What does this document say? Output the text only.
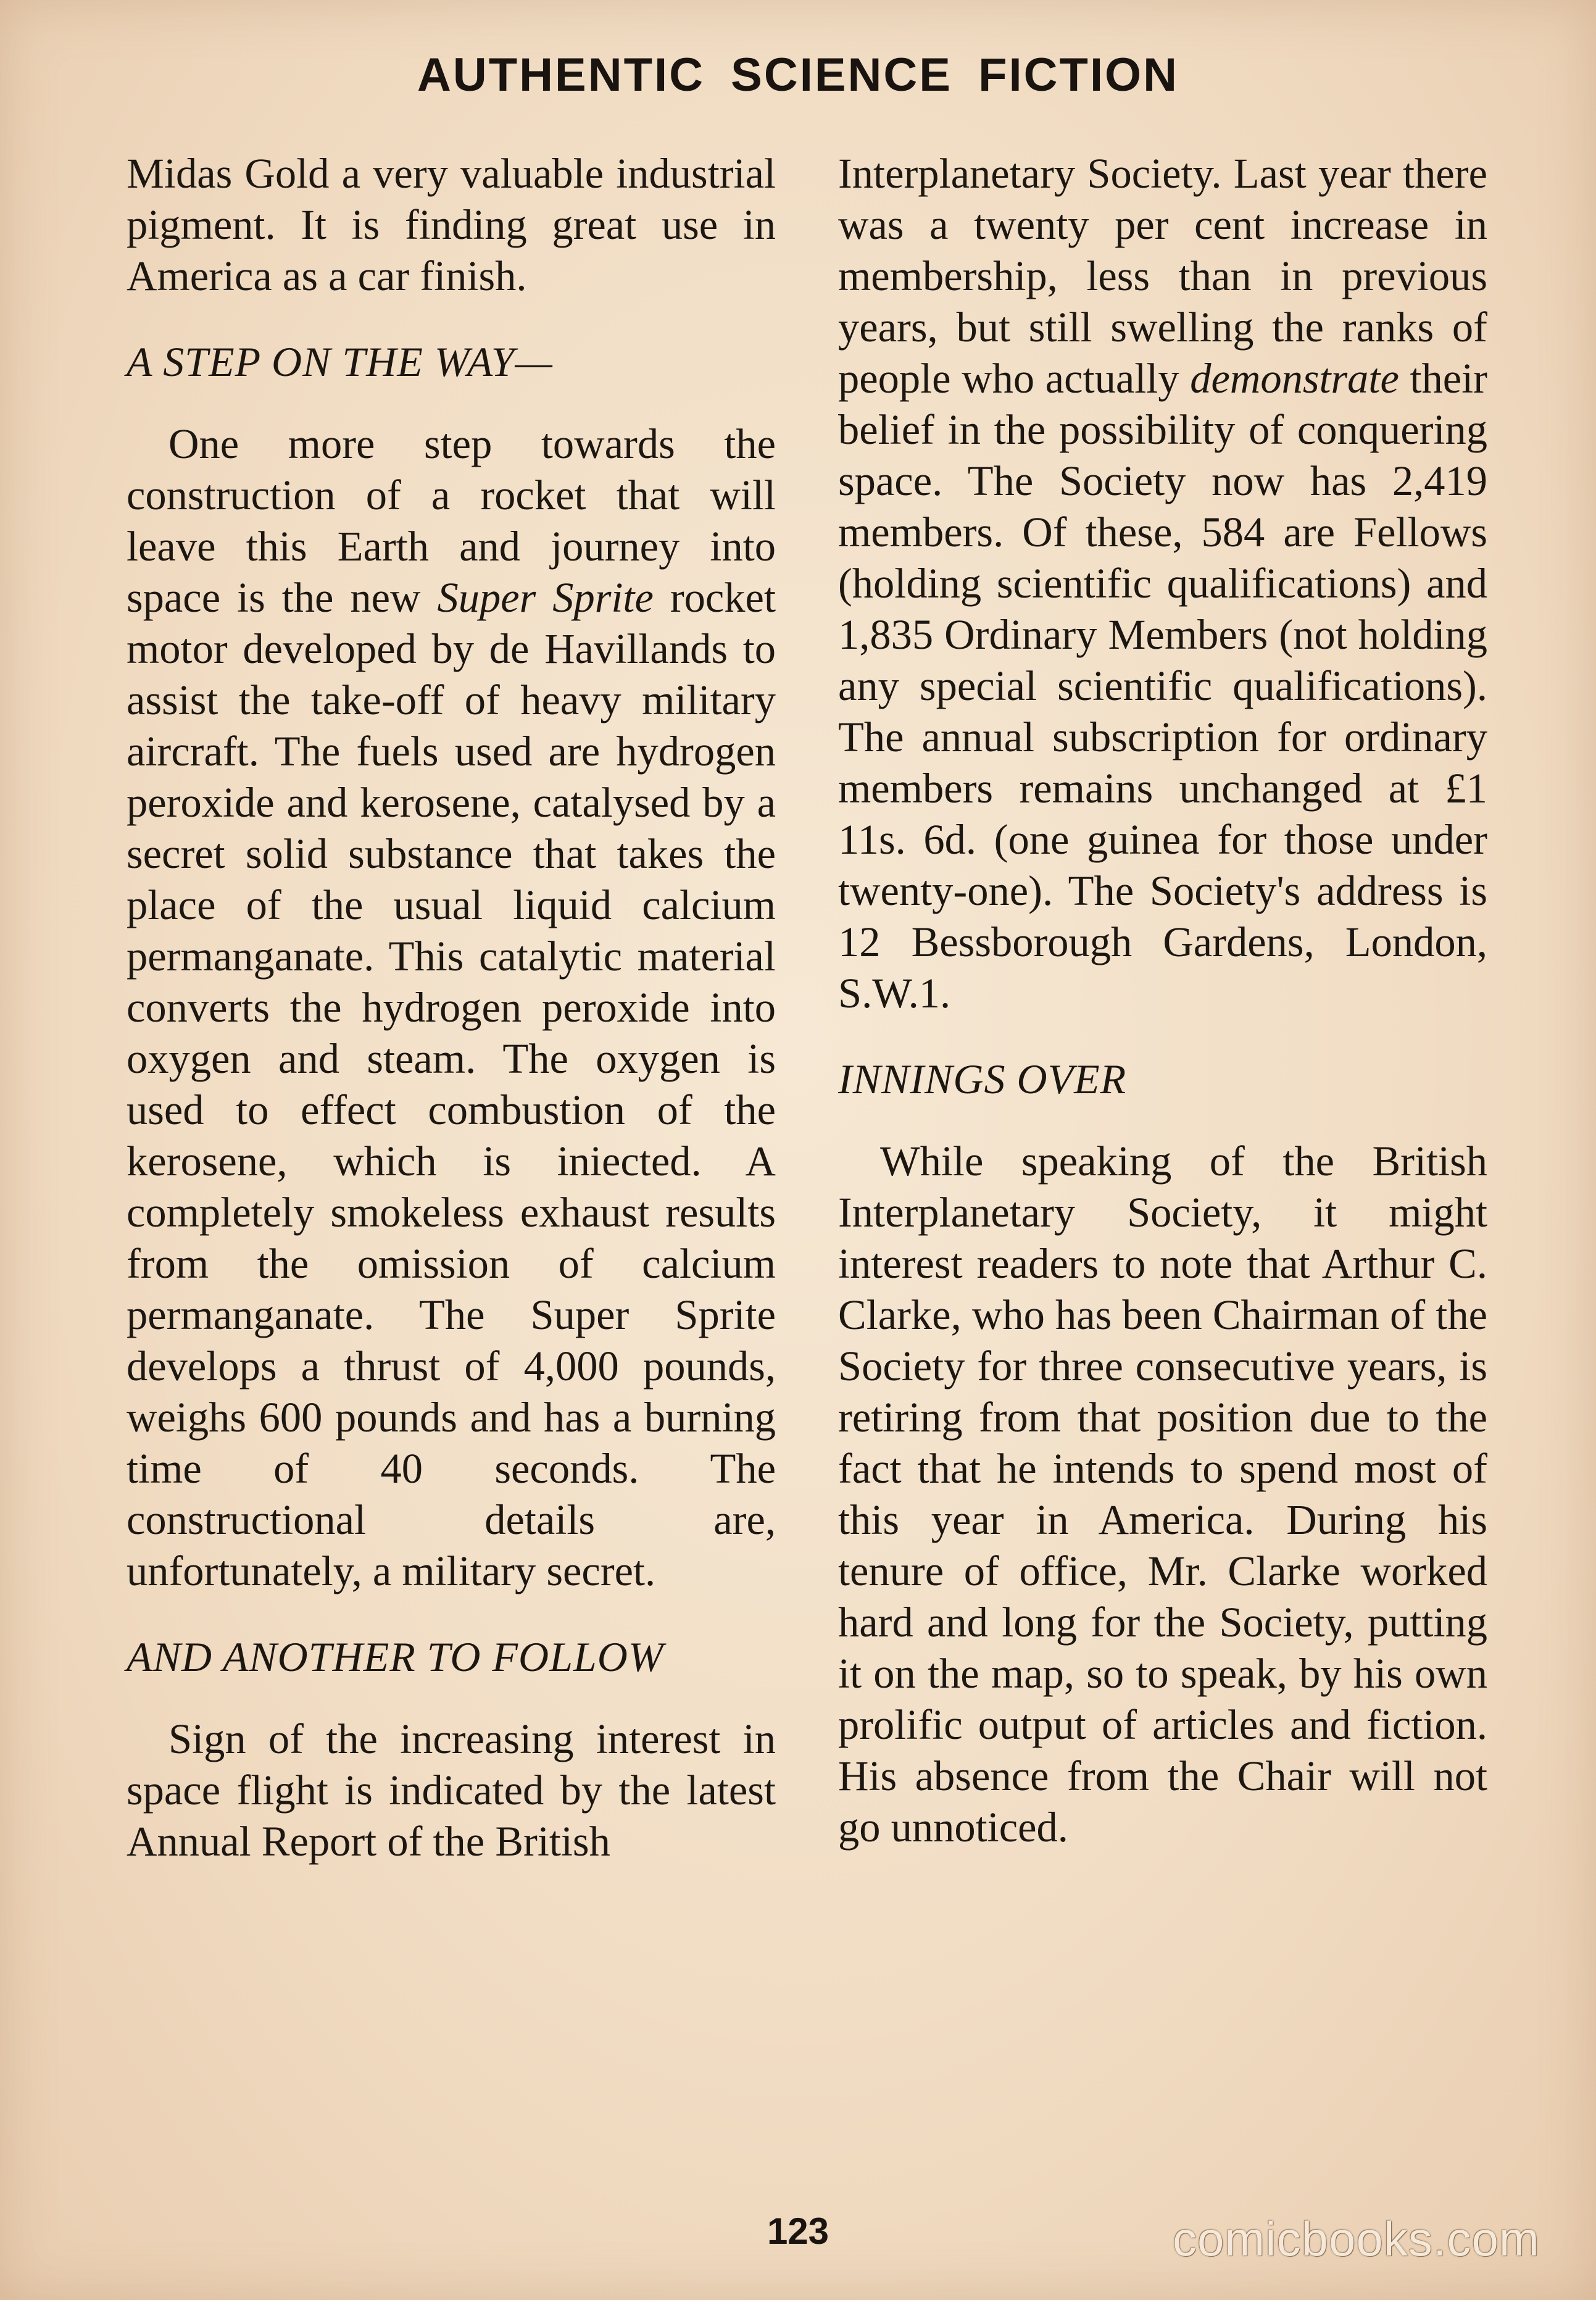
AUTHENTIC SCIENCE FICTION

Midas Gold a very valuable industrial pigment. It is finding great use in America as a car finish.

A STEP ON THE WAY—

One more step towards the construction of a rocket that will leave this Earth and journey into space is the new Super Sprite rocket motor developed by de Havillands to assist the take-off of heavy military aircraft. The fuels used are hydrogen peroxide and kerosene, catalysed by a secret solid substance that takes the place of the usual liquid calcium permanganate. This catalytic material converts the hydrogen peroxide into oxygen and steam. The oxygen is used to effect combustion of the kerosene, which is iniected. A completely smokeless exhaust results from the omission of calcium permanganate. The Super Sprite develops a thrust of 4,000 pounds, weighs 600 pounds and has a burning time of 40 seconds. The constructional details are, unfortunately, a military secret.

AND ANOTHER TO FOLLOW

Sign of the increasing interest in space flight is indicated by the latest Annual Report of the British

Interplanetary Society. Last year there was a twenty per cent increase in membership, less than in previous years, but still swelling the ranks of people who actually demonstrate their belief in the possibility of conquering space. The Society now has 2,419 members. Of these, 584 are Fellows (holding scientific qualifications) and 1,835 Ordinary Members (not holding any special scientific qualifications). The annual subscription for ordinary members remains unchanged at £1 11s. 6d. (one guinea for those under twenty-one). The Society's address is 12 Bessborough Gardens, London, S.W.1.

INNINGS OVER

While speaking of the British Interplanetary Society, it might interest readers to note that Arthur C. Clarke, who has been Chairman of the Society for three consecutive years, is retiring from that position due to the fact that he intends to spend most of this year in America. During his tenure of office, Mr. Clarke worked hard and long for the Society, putting it on the map, so to speak, by his own prolific output of articles and fiction. His absence from the Chair will not go unnoticed.

123	comicbooks.com
